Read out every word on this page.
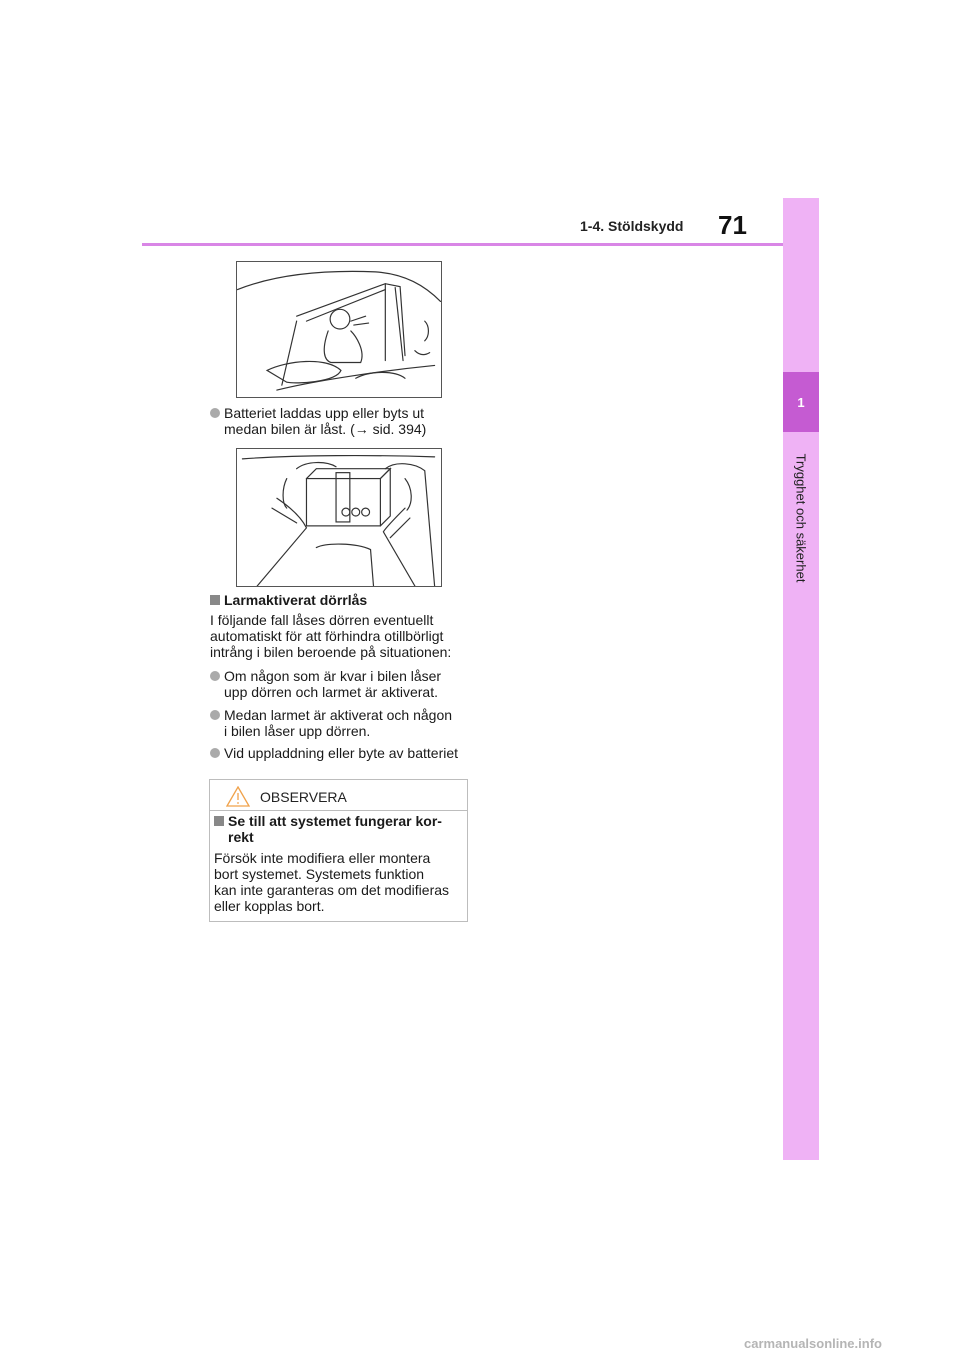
1-4. Stöldskydd 71
1
Trygghet och säkerhet
Batteriet laddas upp eller byts ut
medan bilen är låst. (→ sid. 394)
Larmaktiverat dörrlås
I följande fall låses dörren eventuellt
automatiskt för att förhindra otillbörligt
intrång i bilen beroende på situationen:
Om någon som är kvar i bilen låser
upp dörren och larmet är aktiverat.
Medan larmet är aktiverat och någon
i bilen låser upp dörren.
Vid uppladdning eller byte av batteriet
OBSERVERA
Se till att systemet fungerar kor-
rekt
Försök inte modifiera eller montera
bort systemet. Systemets funktion
kan inte garanteras om det modifieras
eller kopplas bort.
carmanualsonline.info
